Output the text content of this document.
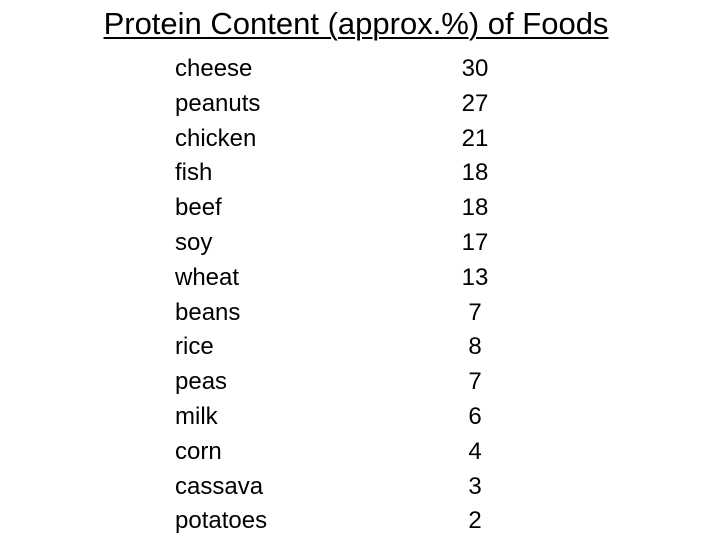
Protein Content (approx.%) of Foods
cheese	30
peanuts	27
chicken	21
fish	18
beef	18
soy	17
wheat	13
beans	7
rice	8
peas	7
milk	6
corn	4
cassava	3
potatoes	2
